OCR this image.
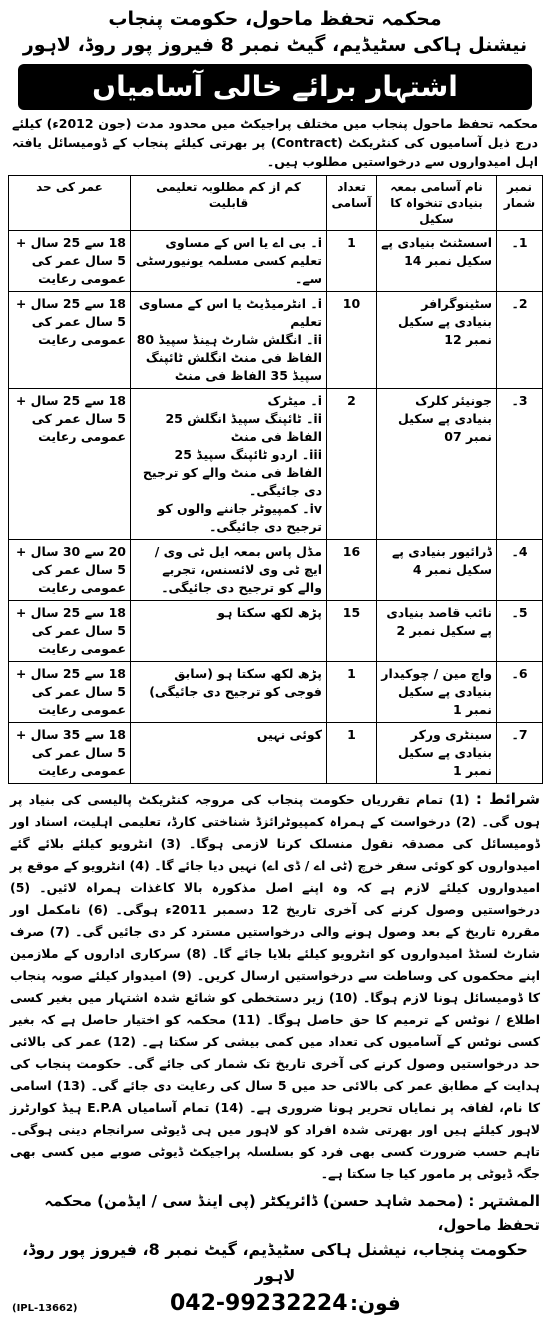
محکمہ تحفظ ماحول، حکومت پنجاب
نیشنل ہاکی سٹیڈیم، گیٹ نمبر 8 فیروز پور روڈ، لاہور
اشتہار برائے خالی آسامیاں
محکمہ تحفظ ماحول پنجاب میں مختلف پراجیکٹ میں محدود مدت (جون 2012ء) کیلئے درج ذیل آسامیوں کی کنٹریکٹ (Contract) پر بھرتی کیلئے پنجاب کے ڈومیسائل یافتہ اہل امیدواروں سے درخواستیں مطلوب ہیں۔
نمبر شمار	نام آسامی بمعہ بنیادی تنخواہ کا سکیل	تعداد آسامی	کم از کم مطلوبہ تعلیمی قابلیت	عمر کی حد
1۔	اسسٹنٹ بنیادی پے سکیل نمبر 14	1	i۔ بی اے یا اس کے مساوی تعلیم کسی مسلمہ یونیورسٹی سے۔	18 سے 25 سال + 5 سال عمر کی عمومی رعایت
2۔	سٹینوگرافر بنیادی پے سکیل نمبر 12	10	i۔ انٹرمیڈیٹ یا اس کے مساوی تعلیم
ii۔ انگلش شارٹ ہینڈ سپیڈ 80 الفاظ فی منٹ انگلش ٹائپنگ سپیڈ 35 الفاظ فی منٹ	18 سے 25 سال + 5 سال عمر کی عمومی رعایت
3۔	جونیئر کلرک بنیادی پے سکیل نمبر 07	2	i۔ میٹرک
ii۔ ٹائپنگ سپیڈ انگلش 25 الفاظ فی منٹ
iii۔ اردو ٹائپنگ سپیڈ 25 الفاظ فی منٹ والے کو ترجیح دی جائیگی۔
iv۔ کمپیوٹر جاننے والوں کو ترجیح دی جائیگی۔	18 سے 25 سال + 5 سال عمر کی عمومی رعایت
4۔	ڈرائیور بنیادی پے سکیل نمبر 4	16	مڈل پاس بمعہ ایل ٹی وی / ایچ ٹی وی لائسنس، تجربے والے کو ترجیح دی جائیگی۔	20 سے 30 سال + 5 سال عمر کی عمومی رعایت
5۔	نائب قاصد بنیادی پے سکیل نمبر 2	15	پڑھ لکھ سکتا ہو	18 سے 25 سال + 5 سال عمر کی عمومی رعایت
6۔	واچ مین / چوکیدار بنیادی پے سکیل نمبر 1	1	پڑھ لکھ سکتا ہو (سابق فوجی کو ترجیح دی جائیگی)	18 سے 25 سال + 5 سال عمر کی عمومی رعایت
7۔	سینٹری ورکر بنیادی پے سکیل نمبر 1	1	کوئی نہیں	18 سے 35 سال + 5 سال عمر کی عمومی رعایت
شرائط : (1) تمام تقرریاں حکومت پنجاب کی مروجہ کنٹریکٹ پالیسی کی بنیاد پر ہوں گی۔ (2) درخواست کے ہمراہ کمپیوٹرائزڈ شناختی کارڈ، تعلیمی اہلیت، اسناد اور ڈومیسائل کی مصدقہ نقول منسلک کرنا لازمی ہوگا۔ (3) انٹرویو کیلئے بلائے گئے امیدواروں کو کوئی سفر خرچ (ٹی اے / ڈی اے) نہیں دیا جائے گا۔ (4) انٹرویو کے موقع پر امیدواروں کیلئے لازم ہے کہ وہ اپنے اصل مذکورہ بالا کاغذات ہمراہ لائیں۔ (5) درخواستیں وصول کرنے کی آخری تاریخ 12 دسمبر 2011ء ہوگی۔ (6) نامکمل اور مقررہ تاریخ کے بعد وصول ہونے والی درخواستیں مسترد کر دی جائیں گی۔ (7) صرف شارٹ لسٹڈ امیدواروں کو انٹرویو کیلئے بلایا جائے گا۔ (8) سرکاری اداروں کے ملازمین اپنے محکموں کی وساطت سے درخواستیں ارسال کریں۔ (9) امیدوار کیلئے صوبہ پنجاب کا ڈومیسائل ہونا لازم ہوگا۔ (10) زیر دستخطی کو شائع شدہ اشتہار میں بغیر کسی اطلاع / نوٹس کے ترمیم کا حق حاصل ہوگا۔ (11) محکمہ کو اختیار حاصل ہے کہ بغیر کسی نوٹس کے آسامیوں کی تعداد میں کمی بیشی کر سکتا ہے۔ (12) عمر کی بالائی حد درخواستیں وصول کرنے کی آخری تاریخ تک شمار کی جائے گی۔ حکومت پنجاب کی ہدایت کے مطابق عمر کی بالائی حد میں 5 سال کی رعایت دی جائے گی۔ (13) اسامی کا نام، لفافہ پر نمایاں تحریر ہونا ضروری ہے۔ (14) تمام آسامیاں E.P.A ہیڈ کوارٹرز لاہور کیلئے ہیں اور بھرتی شدہ افراد کو لاہور میں ہی ڈیوٹی سرانجام دینی ہوگی۔ تاہم حسب ضرورت کسی بھی فرد کو بسلسلہ پراجیکٹ ڈیوٹی صوبے میں کسی بھی جگہ ڈیوٹی پر مامور کیا جا سکتا ہے۔
المشتہر : (محمد شاہد حسن) ڈائریکٹر (پی اینڈ سی / ایڈمن) محکمہ تحفظ ماحول،
حکومت پنجاب، نیشنل ہاکی سٹیڈیم، گیٹ نمبر 8، فیروز پور روڈ، لاہور
(IPL-13662)	042-99232224 فون:
